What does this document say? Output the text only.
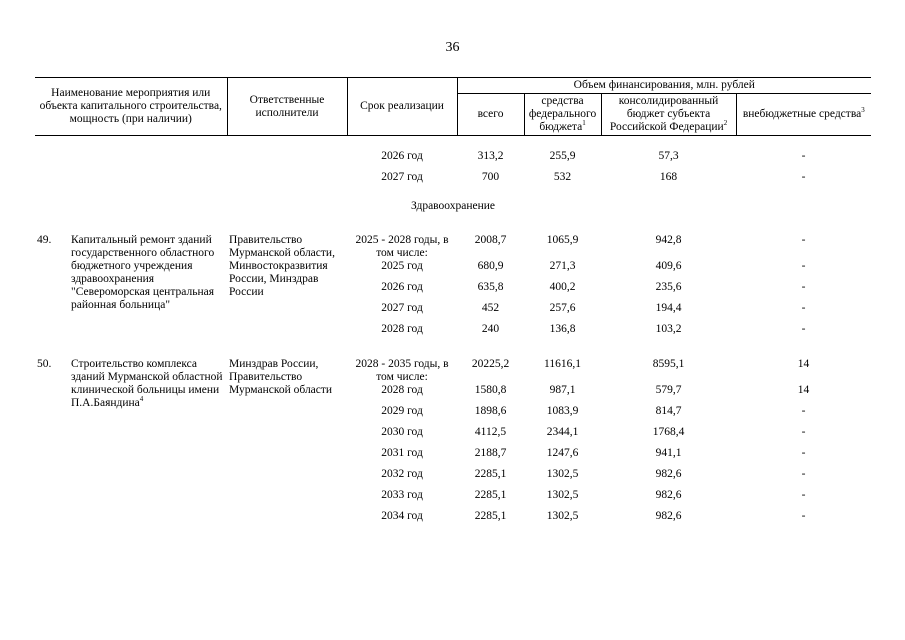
36
Наименование мероприятия или объекта капитального строительства, мощность (при наличии)		Ответственные исполнители	Срок реализации	Объем финансирования, млн. рублей			
				всего	средства федерального бюджета$^1$	консолидированный бюджет субъекта Российской Федерации$^2$	внебюджетные средства$^3$

			2026 год	313,2	255,9	57,3	-
			2027 год	700	532	168	-
Здравоохранение							

49.	Капитальный ремонт зданий государственного областного бюджетного учреждения здравоохранения "Североморская центральная районная больница"	Правительство Мурманской области, Минвостокразвития России, Минздрав России	2025 - 2028 годы, в том числе:	2008,7	1065,9	942,8	-
			2025 год	680,9	271,3	409,6	-
			2026 год	635,8	400,2	235,6	-
			2027 год	452	257,6	194,4	-
			2028 год	240	136,8	103,2	-

50.	Строительство комплекса зданий Мурманской областной клинической больницы имени П.А.Баяндина$^4$	Минздрав России, Правительство Мурманской области	2028 - 2035 годы, в том числе:	20225,2	11616,1	8595,1	14
			2028 год	1580,8	987,1	579,7	14
			2029 год	1898,6	1083,9	814,7	-
			2030 год	4112,5	2344,1	1768,4	-
			2031 год	2188,7	1247,6	941,1	-
			2032 год	2285,1	1302,5	982,6	-
			2033 год	2285,1	1302,5	982,6	-
			2034 год	2285,1	1302,5	982,6	-
